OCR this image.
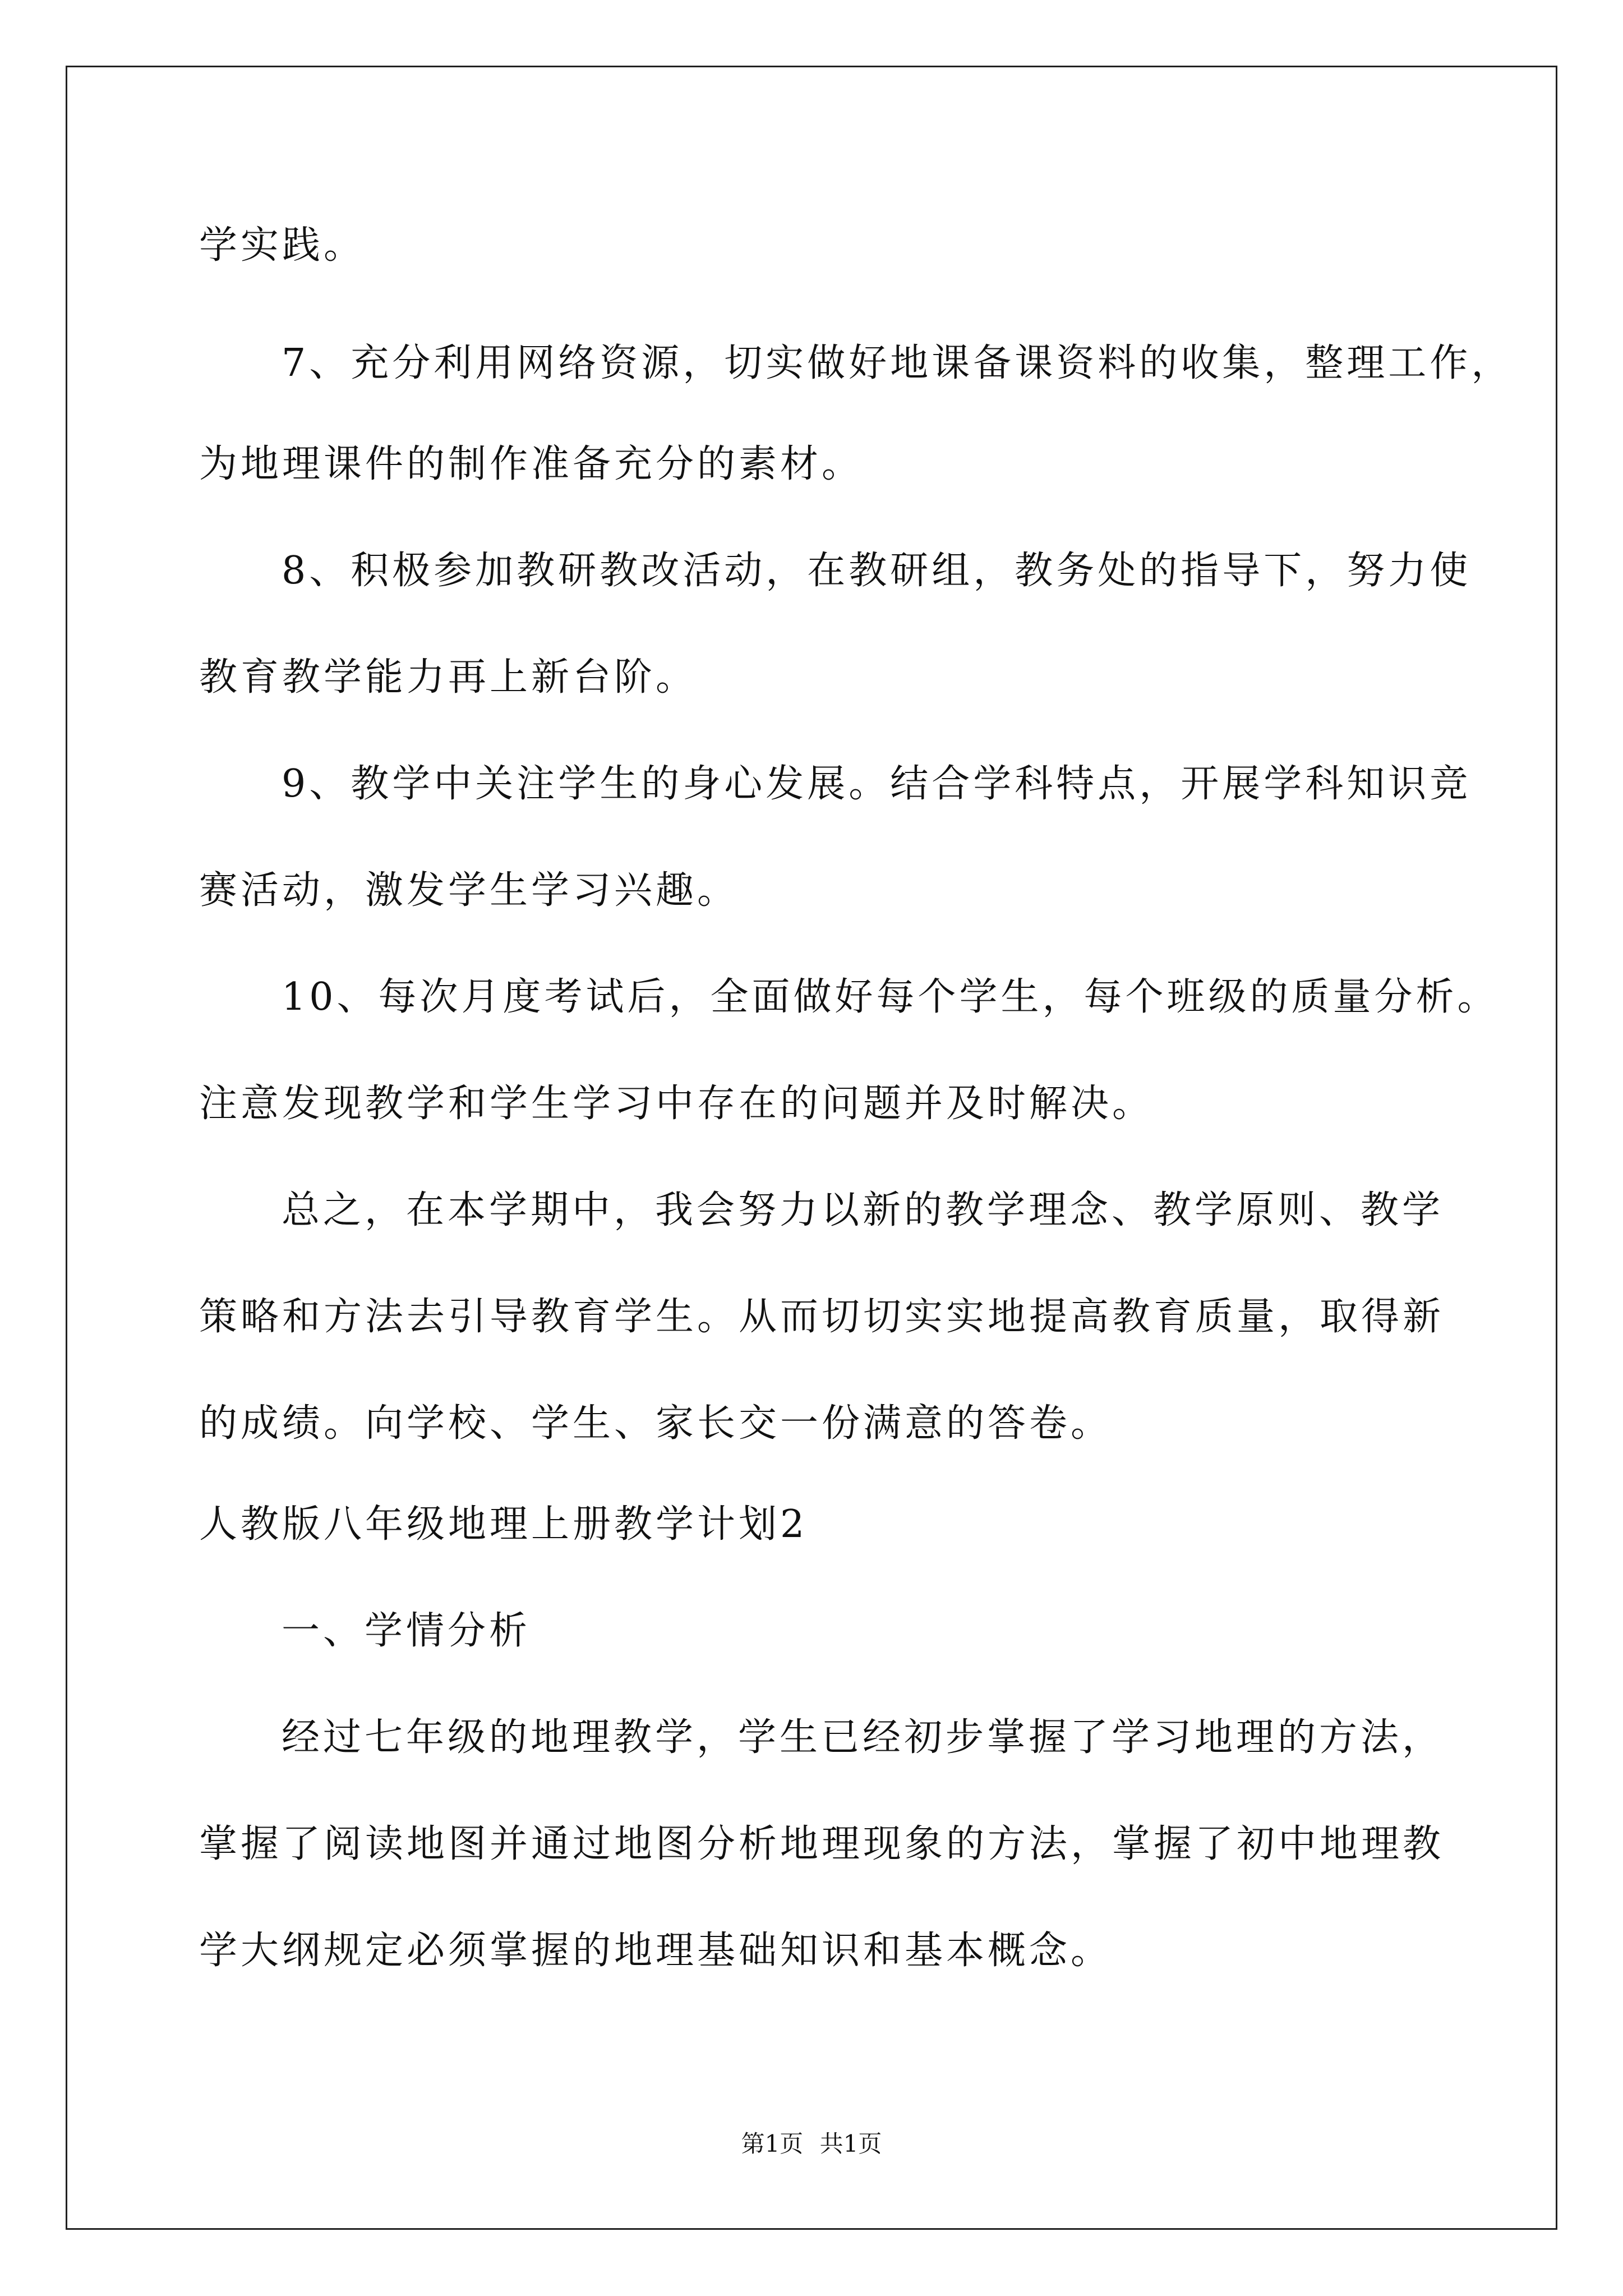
学实践。
7、充分利用网络资源，切实做好地课备课资料的收集，整理工作，
为地理课件的制作准备充分的素材。
8、积极参加教研教改活动，在教研组，教务处的指导下，努力使
教育教学能力再上新台阶。
9、教学中关注学生的身心发展。结合学科特点，开展学科知识竞
赛活动，激发学生学习兴趣。
10、每次月度考试后，全面做好每个学生，每个班级的质量分析。
注意发现教学和学生学习中存在的问题并及时解决。
总之，在本学期中，我会努力以新的教学理念、教学原则、教学
策略和方法去引导教育学生。从而切切实实地提高教育质量，取得新
的成绩。向学校、学生、家长交一份满意的答卷。
人教版八年级地理上册教学计划2
一、学情分析
经过七年级的地理教学，学生已经初步掌握了学习地理的方法，
掌握了阅读地图并通过地图分析地理现象的方法，掌握了初中地理教
学大纲规定必须掌握的地理基础知识和基本概念。
第1页 共1页
